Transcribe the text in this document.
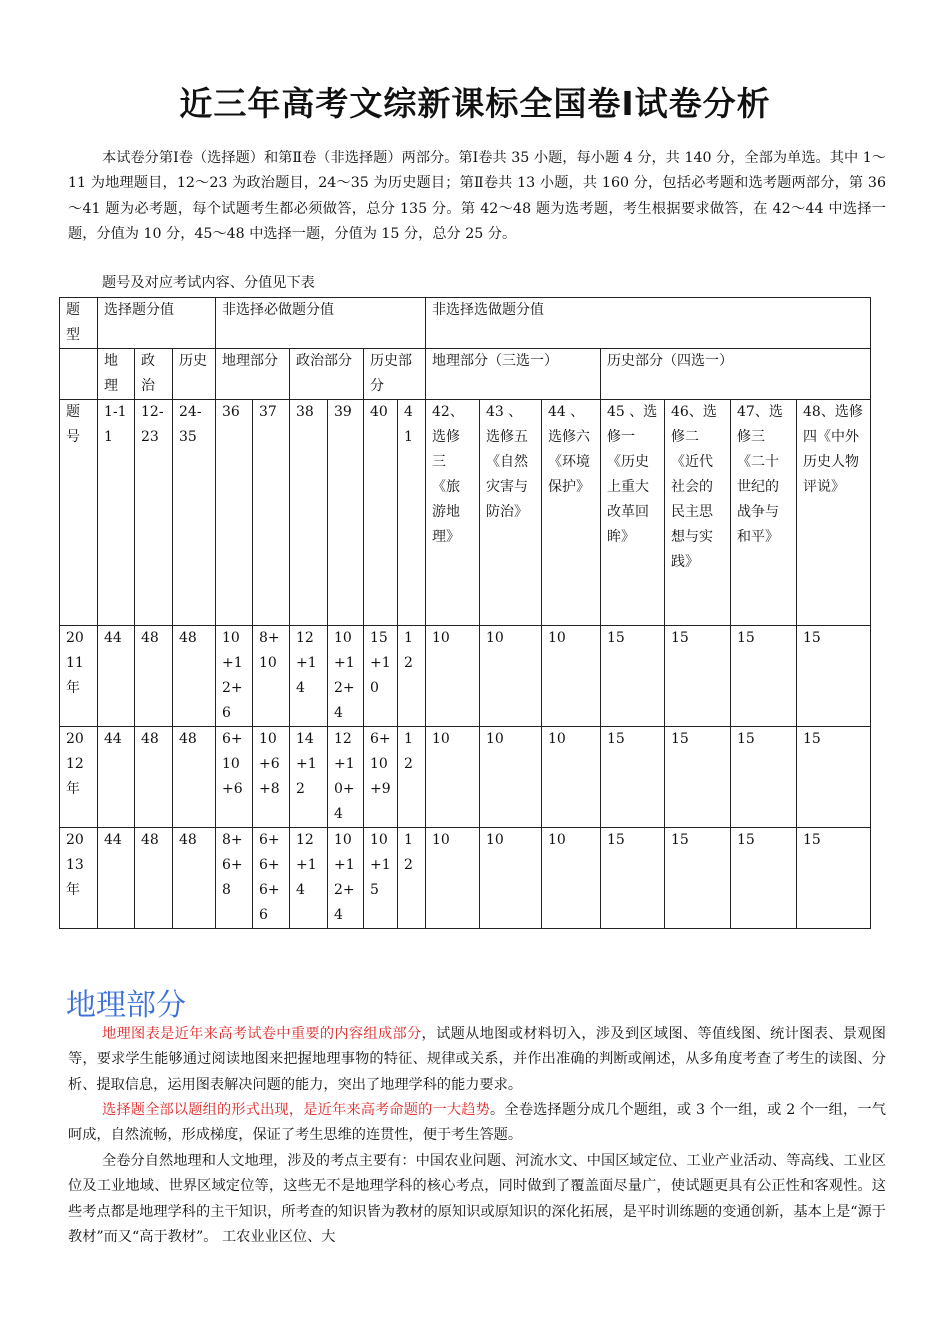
近三年高考文综新课标全国卷Ⅰ试卷分析

本试卷分第Ⅰ卷（选择题）和第Ⅱ卷（非选择题）两部分。第Ⅰ卷共 35 小题，每小题 4 分，共 140 分，全部为单选。其中 1～11 为地理题目，12～23 为政治题目，24～35 为历史题目；第Ⅱ卷共 13 小题，共 160 分，包括必考题和选考题两部分，第 36～41 题为必考题，每个试题考生都必须做答，总分 135 分。第 42～48 题为选考题，考生根据要求做答，在 42～44 中选择一题，分值为 10 分，45～48 中选择一题，分值为 15 分，总分 25 分。

题号及对应考试内容、分值见下表
题型	选择题分值			非选择必做题分值						非选择选做题分值						
	地理	政治	历史	地理部分		政治部分		历史部分		地理部分（三选一）			历史部分（四选一）			
题号	1-11	12-23	24-35	36	37	38	39	40	41	42、选修三《旅游地理》	43 、选修五《自然灾害与防治》	44 、选修六《环境保护》	45 、选修一《历史上重大改革回眸》	46、选修二《近代社会的民主思想与实践》	47、选修三《二十世纪的战争与和平》	48、选修四《中外历史人物评说》
2011年	44	48	48	10+12+6	8+10	12+14	10+12+4	15+10	12	10	10	10	15	15	15	15
2012年	44	48	48	6+10+6	10+6+8	14+12	12+10+4	6+10+9	12	10	10	10	15	15	15	15
2013年	44	48	48	8+6+8	6+6+6+6	12+14	10+12+4	10+15	12	10	10	10	15	15	15	15
地理部分

地理图表是近年来高考试卷中重要的内容组成部分，试题从地图或材料切入，涉及到区域图、等值线图、统计图表、景观图等，要求学生能够通过阅读地图来把握地理事物的特征、规律或关系，并作出准确的判断或阐述，从多角度考查了考生的读图、分析、提取信息，运用图表解决问题的能力，突出了地理学科的能力要求。

选择题全部以题组的形式出现，是近年来高考命题的一大趋势。全卷选择题分成几个题组，或 3 个一组，或 2 个一组，一气呵成，自然流畅，形成梯度，保证了考生思维的连贯性，便于考生答题。

全卷分自然地理和人文地理，涉及的考点主要有：中国农业问题、河流水文、中国区域定位、工业产业活动、等高线、工业区位及工业地域、世界区域定位等，这些无不是地理学科的核心考点，同时做到了覆盖面尽量广，使试题更具有公正性和客观性。这些考点都是地理学科的主干知识，所考查的知识皆为教材的原知识或原知识的深化拓展，是平时训练题的变通创新，基本上是“源于教材”而又“高于教材”。 工农业业区位、大
